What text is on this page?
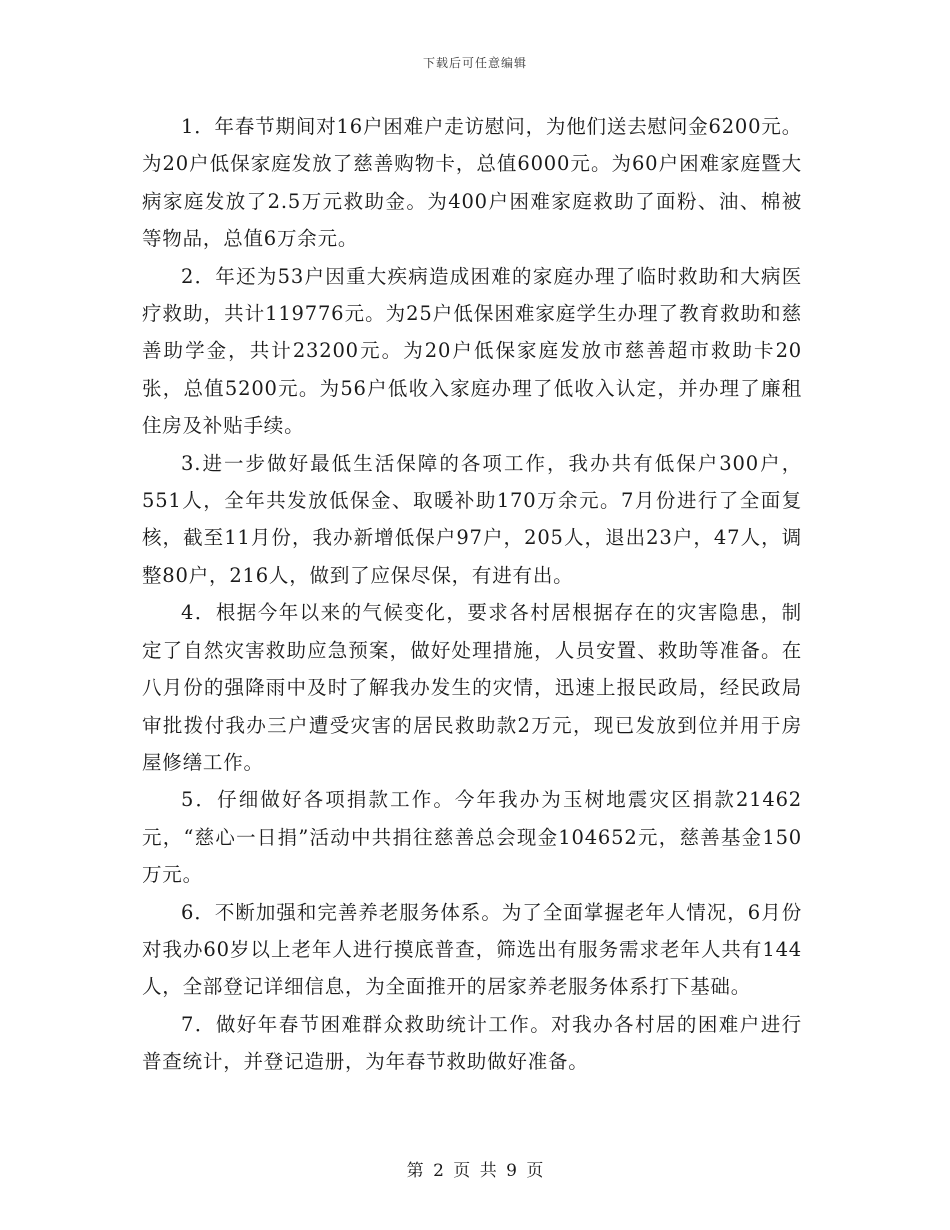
下载后可任意编辑

1．年春节期间对16户困难户走访慰问，为他们送去慰问金6200元。为20户低保家庭发放了慈善购物卡，总值6000元。为60户困难家庭暨大病家庭发放了2.5万元救助金。为400户困难家庭救助了面粉、油、棉被等物品，总值6万余元。

2．年还为53户因重大疾病造成困难的家庭办理了临时救助和大病医疗救助，共计119776元。为25户低保困难家庭学生办理了教育救助和慈善助学金，共计23200元。为20户低保家庭发放市慈善超市救助卡20张，总值5200元。为56户低收入家庭办理了低收入认定，并办理了廉租住房及补贴手续。

3.进一步做好最低生活保障的各项工作，我办共有低保户300户，551人，全年共发放低保金、取暖补助170万余元。7月份进行了全面复核，截至11月份，我办新增低保户97户，205人，退出23户，47人，调整80户，216人，做到了应保尽保，有进有出。

4．根据今年以来的气候变化，要求各村居根据存在的灾害隐患，制定了自然灾害救助应急预案，做好处理措施，人员安置、救助等准备。在八月份的强降雨中及时了解我办发生的灾情，迅速上报民政局，经民政局审批拨付我办三户遭受灾害的居民救助款2万元，现已发放到位并用于房屋修缮工作。

5．仔细做好各项捐款工作。今年我办为玉树地震灾区捐款21462元，“慈心一日捐”活动中共捐往慈善总会现金104652元，慈善基金150万元。

6．不断加强和完善养老服务体系。为了全面掌握老年人情况，6月份对我办60岁以上老年人进行摸底普查，筛选出有服务需求老年人共有144人，全部登记详细信息，为全面推开的居家养老服务体系打下基础。

7．做好年春节困难群众救助统计工作。对我办各村居的困难户进行普查统计，并登记造册，为年春节救助做好准备。

第 2 页 共 9 页
